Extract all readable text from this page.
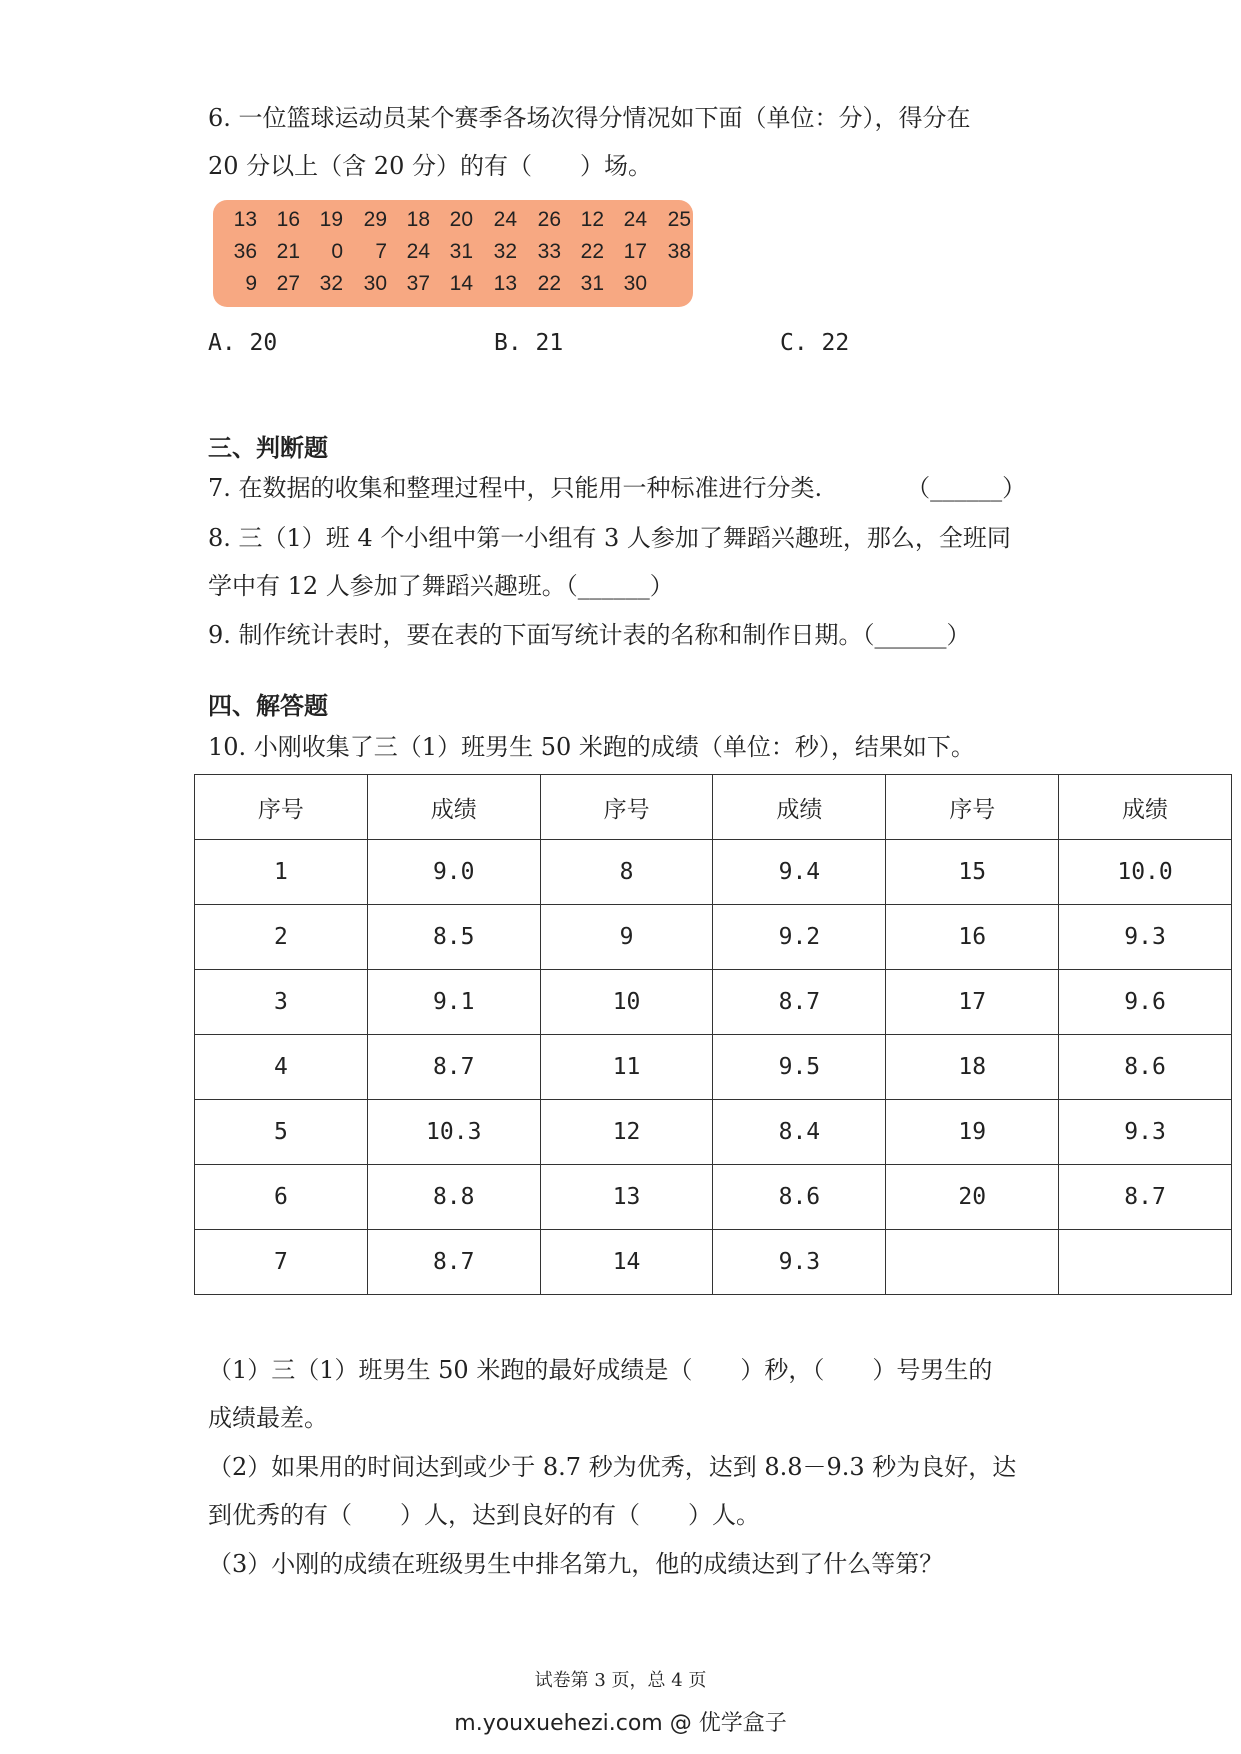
6. 一位篮球运动员某个赛季各场次得分情况如下面（单位：分），得分在
20 分以上（含 20 分）的有（　　）场。
13 16 19 29 18 20 24 26 12 24 25
36 21	0	7 24 31 32 33 22 17 38
9 27 32 30 37 14 13 22 31 30
A. 20	B. 21	C. 22
三、判断题
7. 在数据的收集和整理过程中，只能用一种标准进行分类.　　　　（______）
8. 三（1）班 4 个小组中第一小组有 3 人参加了舞蹈兴趣班，那么，全班同
学中有 12 人参加了舞蹈兴趣班。（______）
9. 制作统计表时，要在表的下面写统计表的名称和制作日期。（______）
四、解答题
10. 小刚收集了三（1）班男生 50 米跑的成绩（单位：秒），结果如下。
序号	成绩	序号	成绩	序号	成绩
1	9.0	8	9.4	15	10.0
2	8.5	9	9.2	16	9.3
3	9.1	10	8.7	17	9.6
4	8.7	11	9.5	18	8.6
5	10.3	12	8.4	19	9.3
6	8.8	13	8.6	20	8.7
7	8.7	14	9.3		
（1）三（1）班男生 50 米跑的最好成绩是（　　）秒，（　　）号男生的
成绩最差。
（2）如果用的时间达到或少于 8.7 秒为优秀，达到 8.8－9.3 秒为良好，达
到优秀的有（　　）人，达到良好的有（　　）人。
（3）小刚的成绩在班级男生中排名第九，他的成绩达到了什么等第？
试卷第 3 页，总 4 页
m.youxuehezi.com @ 优学盒子
